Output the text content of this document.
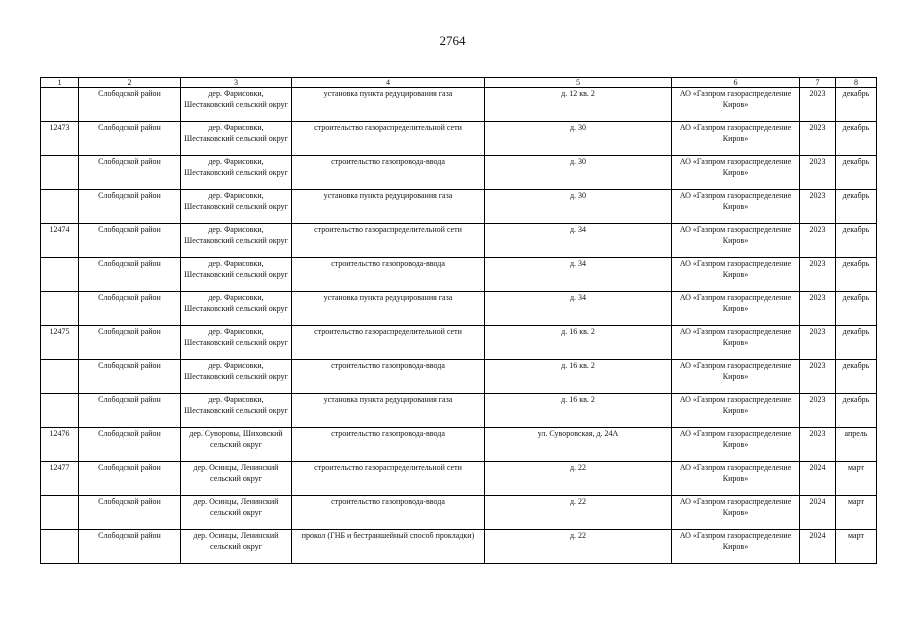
2764
1	2	3	4	5	6	7	8
	Слободской район	дер. Фарисовки, Шестаковский сельский округ	установка пункта редуцирования газа	д. 12 кв. 2	АО «Газпром газораспределение Киров»	2023	декабрь
12473	Слободской район	дер. Фарисовки, Шестаковский сельский округ	строительство газораспределительной сети	д. 30	АО «Газпром газораспределение Киров»	2023	декабрь
	Слободской район	дер. Фарисовки, Шестаковский сельский округ	строительство газопровода-ввода	д. 30	АО «Газпром газораспределение Киров»	2023	декабрь
	Слободской район	дер. Фарисовки, Шестаковский сельский округ	установка пункта редуцирования газа	д. 30	АО «Газпром газораспределение Киров»	2023	декабрь
12474	Слободской район	дер. Фарисовки, Шестаковский сельский округ	строительство газораспределительной сети	д. 34	АО «Газпром газораспределение Киров»	2023	декабрь
	Слободской район	дер. Фарисовки, Шестаковский сельский округ	строительство газопровода-ввода	д. 34	АО «Газпром газораспределение Киров»	2023	декабрь
	Слободской район	дер. Фарисовки, Шестаковский сельский округ	установка пункта редуцирования газа	д. 34	АО «Газпром газораспределение Киров»	2023	декабрь
12475	Слободской район	дер. Фарисовки, Шестаковский сельский округ	строительство газораспределительной сети	д. 16 кв. 2	АО «Газпром газораспределение Киров»	2023	декабрь
	Слободской район	дер. Фарисовки, Шестаковский сельский округ	строительство газопровода-ввода	д. 16 кв. 2	АО «Газпром газораспределение Киров»	2023	декабрь
	Слободской район	дер. Фарисовки, Шестаковский сельский округ	установка пункта редуцирования газа	д. 16 кв. 2	АО «Газпром газораспределение Киров»	2023	декабрь
12476	Слободской район	дер. Суворовы, Шиховский сельский округ	строительство газопровода-ввода	ул. Суворовская, д. 24А	АО «Газпром газораспределение Киров»	2023	апрель
12477	Слободской район	дер. Осинцы, Ленинский сельский округ	строительство газораспределительной сети	д. 22	АО «Газпром газораспределение Киров»	2024	март
	Слободской район	дер. Осинцы, Ленинский сельский округ	строительство газопровода-ввода	д. 22	АО «Газпром газораспределение Киров»	2024	март
	Слободской район	дер. Осинцы, Ленинский сельский округ	прокол (ГНБ и бестраншейный способ прокладки)	д. 22	АО «Газпром газораспределение Киров»	2024	март
